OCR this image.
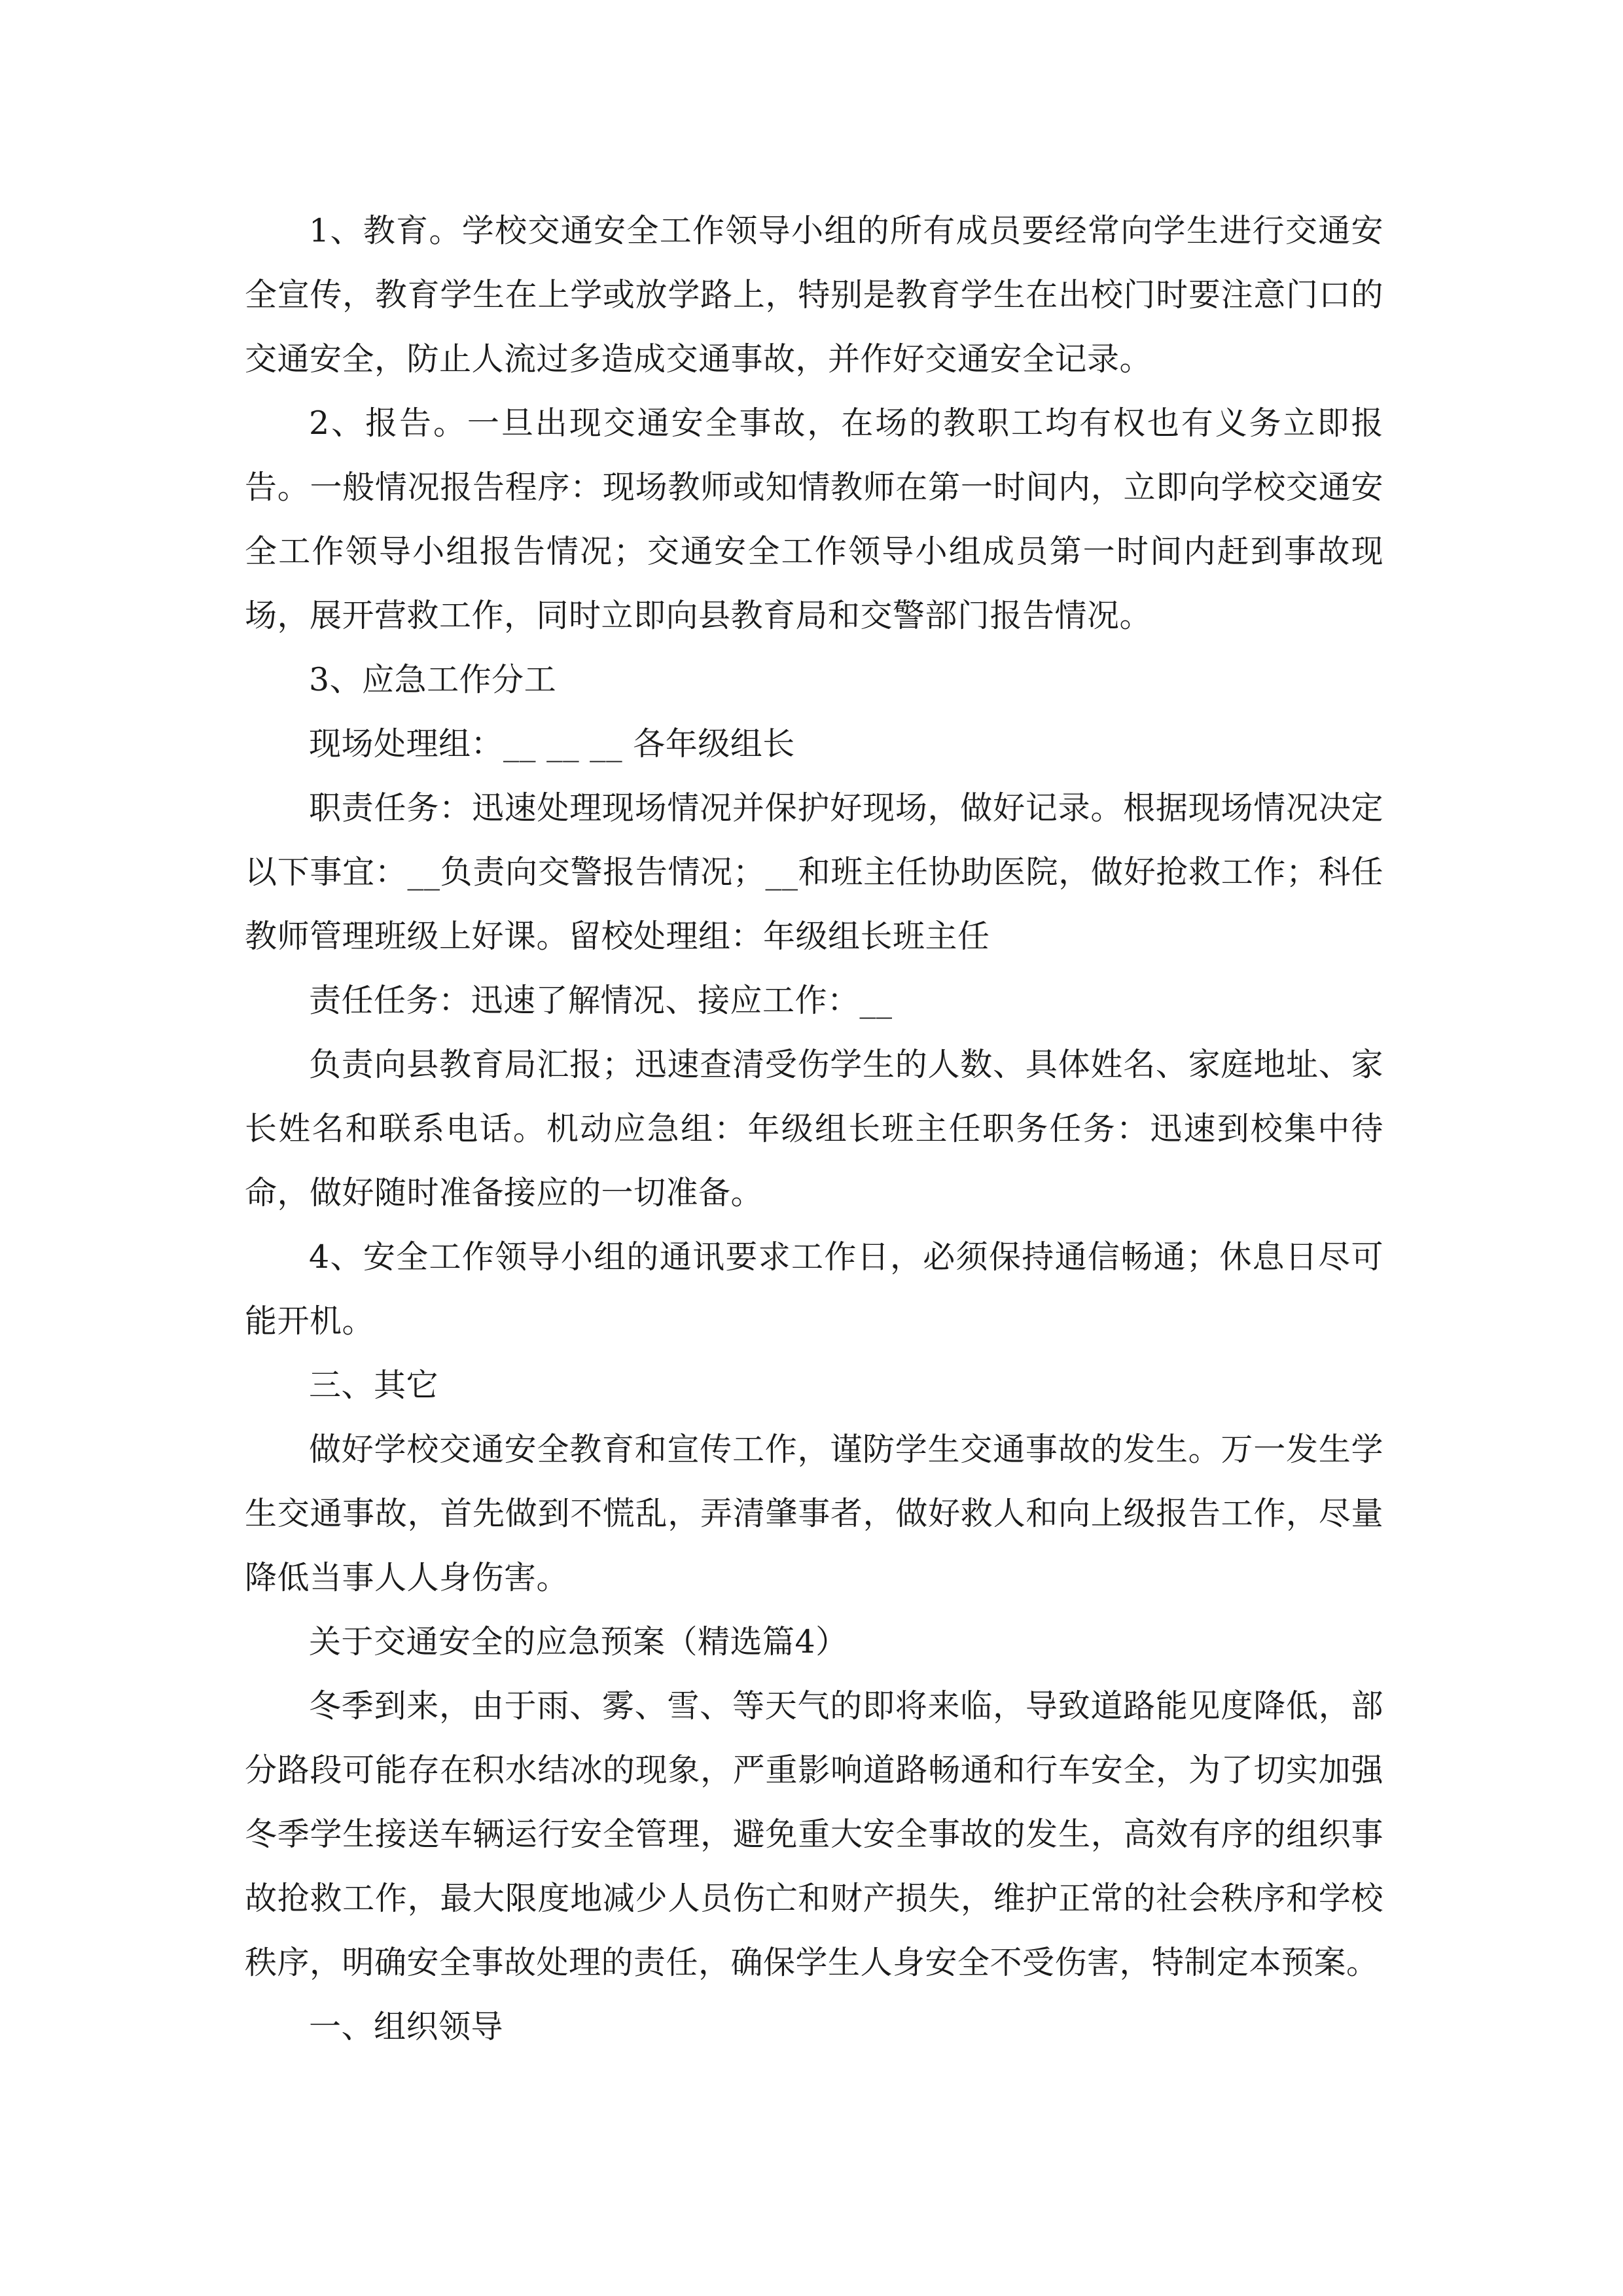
1、教育。学校交通安全工作领导小组的所有成员要经常向学生进行交通安全宣传，教育学生在上学或放学路上，特别是教育学生在出校门时要注意门口的交通安全，防止人流过多造成交通事故，并作好交通安全记录。

2、报告。一旦出现交通安全事故，在场的教职工均有权也有义务立即报告。一般情况报告程序：现场教师或知情教师在第一时间内，立即向学校交通安全工作领导小组报告情况；交通安全工作领导小组成员第一时间内赶到事故现场，展开营救工作，同时立即向县教育局和交警部门报告情况。

3、应急工作分工

现场处理组：__ __ __ 各年级组长

职责任务：迅速处理现场情况并保护好现场，做好记录。根据现场情况决定以下事宜：__负责向交警报告情况；__和班主任协助医院，做好抢救工作；科任教师管理班级上好课。留校处理组：年级组长班主任

责任任务：迅速了解情况、接应工作：__

负责向县教育局汇报；迅速查清受伤学生的人数、具体姓名、家庭地址、家长姓名和联系电话。机动应急组：年级组长班主任职务任务：迅速到校集中待命，做好随时准备接应的一切准备。

4、安全工作领导小组的通讯要求工作日，必须保持通信畅通；休息日尽可能开机。

三、其它

做好学校交通安全教育和宣传工作，谨防学生交通事故的发生。万一发生学生交通事故，首先做到不慌乱，弄清肇事者，做好救人和向上级报告工作，尽量降低当事人人身伤害。

关于交通安全的应急预案（精选篇4）

冬季到来，由于雨、雾、雪、等天气的即将来临，导致道路能见度降低，部分路段可能存在积水结冰的现象，严重影响道路畅通和行车安全，为了切实加强冬季学生接送车辆运行安全管理，避免重大安全事故的发生，高效有序的组织事故抢救工作，最大限度地减少人员伤亡和财产损失，维护正常的社会秩序和学校秩序，明确安全事故处理的责任，确保学生人身安全不受伤害，特制定本预案。

一、组织领导
